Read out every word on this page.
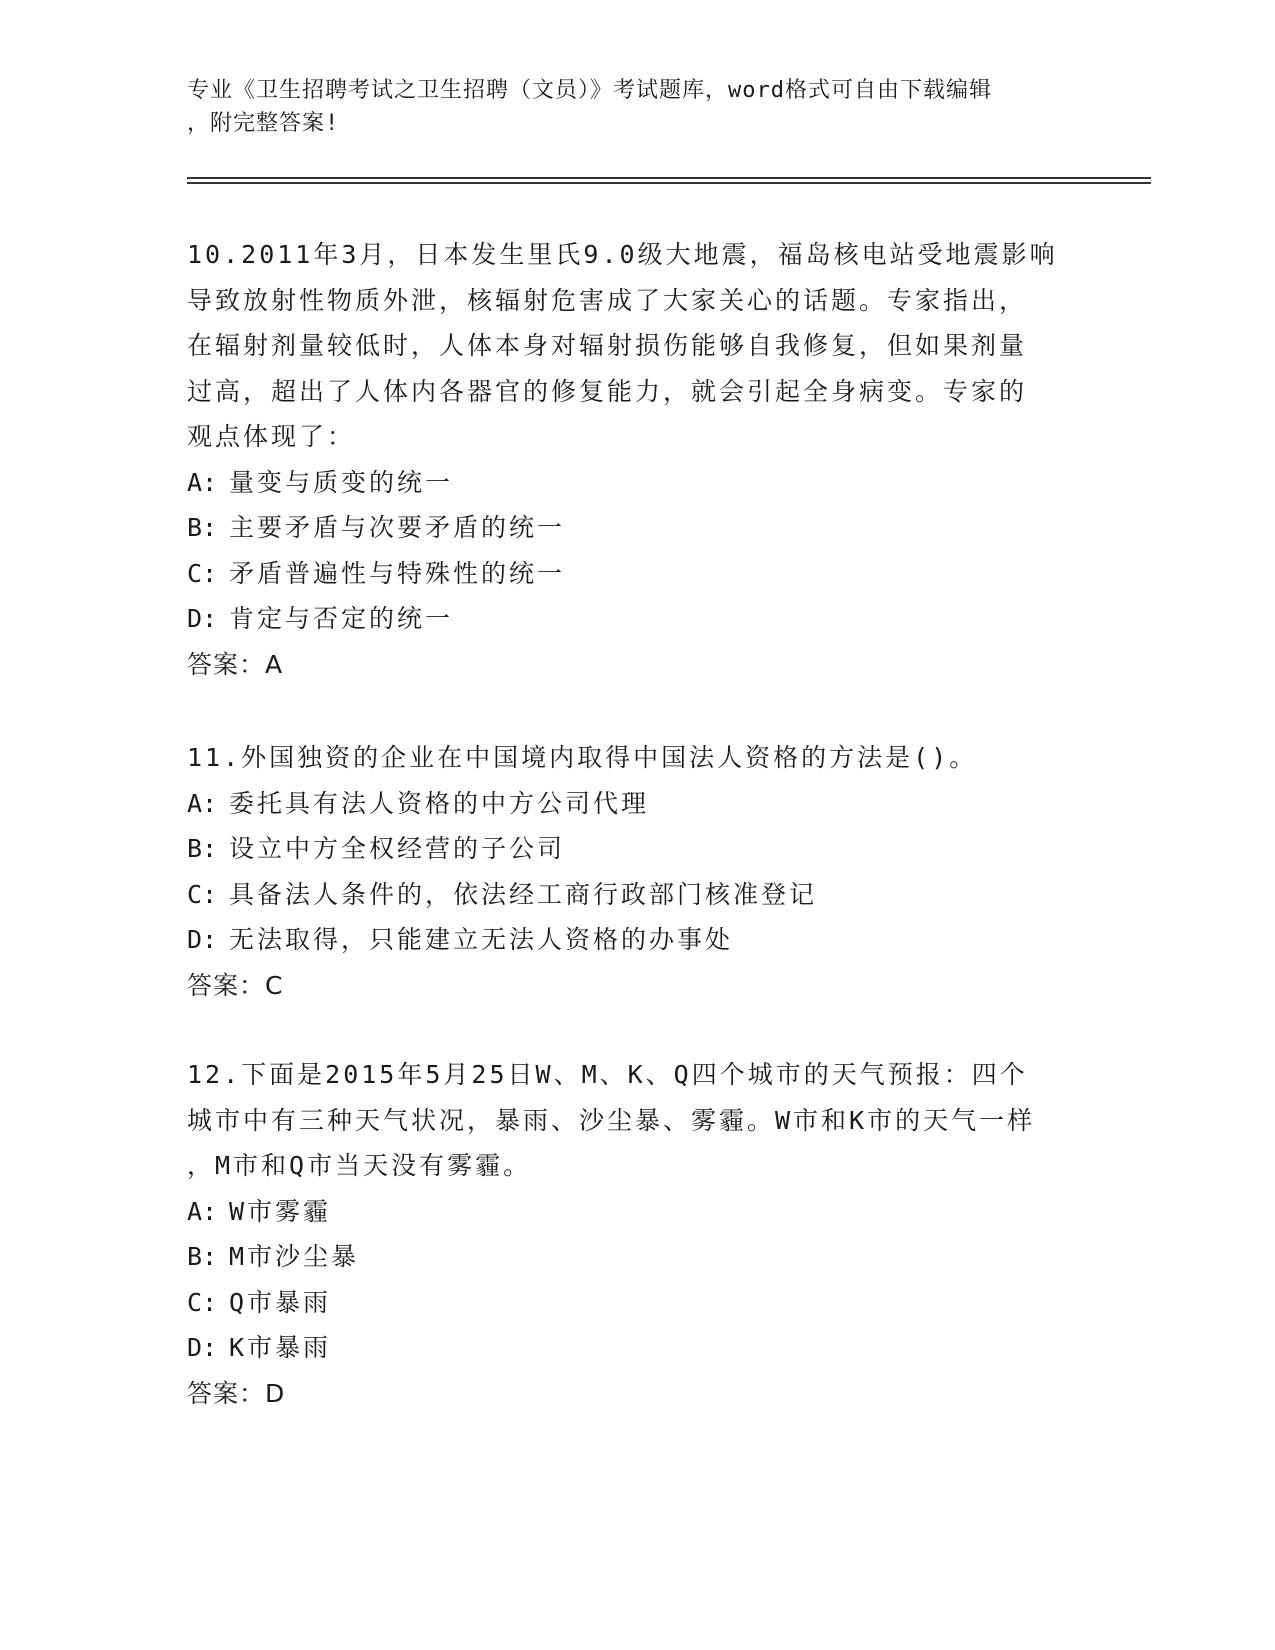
专业《卫生招聘考试之卫生招聘（文员）》考试题库，word格式可自由下载编辑
，附完整答案!

10.2011年3月，日本发生里氏9.0级大地震，福岛核电站受地震影响

导致放射性物质外泄，核辐射危害成了大家关心的话题。专家指出，

在辐射剂量较低时，人体本身对辐射损伤能够自我修复，但如果剂量

过高，超出了人体内各器官的修复能力，就会引起全身病变。专家的

观点体现了：

A: 量变与质变的统一

B: 主要矛盾与次要矛盾的统一

C: 矛盾普遍性与特殊性的统一

D: 肯定与否定的统一

答案：A

11.外国独资的企业在中国境内取得中国法人资格的方法是()。

A: 委托具有法人资格的中方公司代理

B: 设立中方全权经营的子公司

C: 具备法人条件的，依法经工商行政部门核准登记

D: 无法取得，只能建立无法人资格的办事处

答案：C

12.下面是2015年5月25日W、M、K、Q四个城市的天气预报：四个

城市中有三种天气状况，暴雨、沙尘暴、雾霾。W市和K市的天气一样

，M市和Q市当天没有雾霾。

A: W市雾霾

B: M市沙尘暴

C: Q市暴雨

D: K市暴雨

答案：D
